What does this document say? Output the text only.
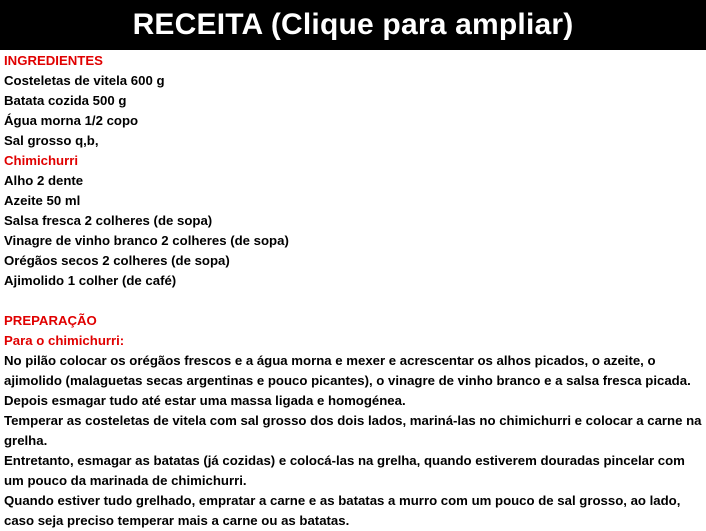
RECEITA (Clique para ampliar)
INGREDIENTES
Costeletas de vitela 600 g
Batata cozida 500 g
Água morna 1/2 copo
Sal grosso q,b,
Chimichurri
Alho 2 dente
Azeite 50 ml
Salsa fresca 2 colheres (de sopa)
Vinagre de vinho branco 2 colheres (de sopa)
Orégãos secos 2 colheres (de sopa)
Ajimolido 1 colher (de café)
PREPARAÇÃO
Para o chimichurri:
No pilão colocar os orégãos frescos e a água morna e mexer e acrescentar os alhos picados, o azeite, o ajimolido (malaguetas secas argentinas e pouco picantes), o vinagre de vinho branco e a salsa fresca picada. Depois esmagar tudo até estar uma massa ligada e homogénea.
Temperar as costeletas de vitela com sal grosso dos dois lados, mariná-las no chimichurri e colocar a carne na grelha.
Entretanto, esmagar as batatas (já cozidas) e colocá-las na grelha, quando estiverem douradas pincelar com um pouco da marinada de chimichurri.
Quando estiver tudo grelhado, empratar a carne e as batatas a murro com um pouco de sal grosso, ao lado, caso seja preciso temperar mais a carne ou as batatas.
